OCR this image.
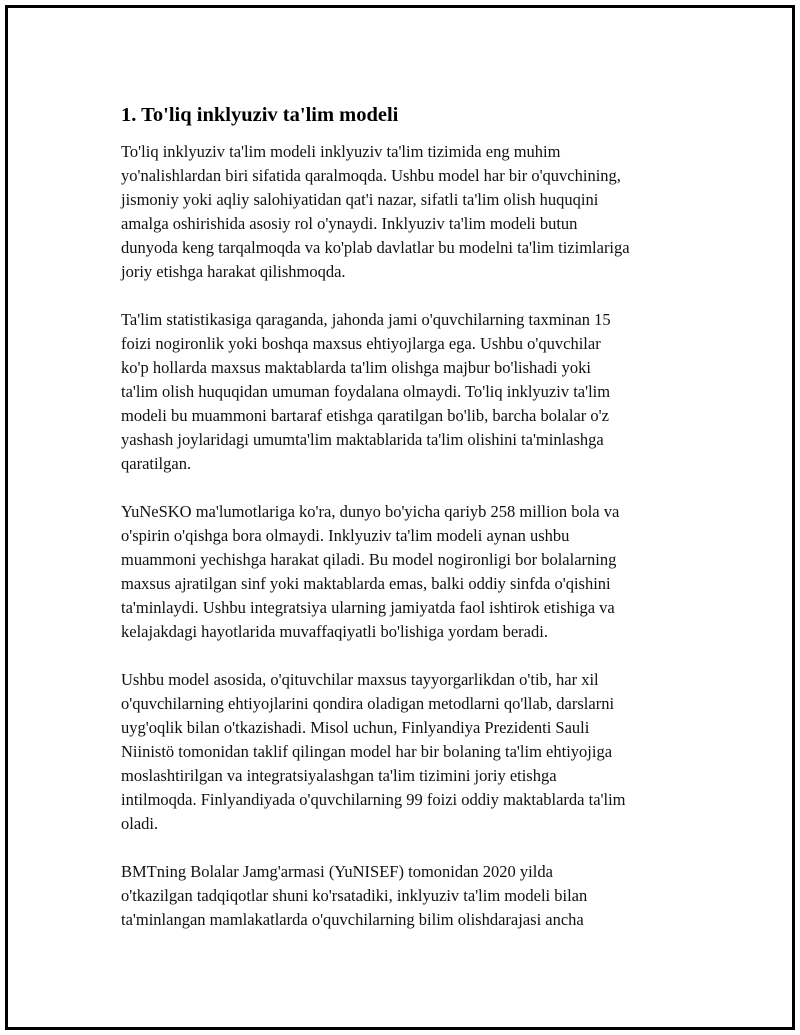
1. To'liq inklyuziv ta'lim modeli

To'liq inklyuziv ta'lim modeli inklyuziv ta'lim tizimida eng muhim
yo'nalishlardan biri sifatida qaralmoqda. Ushbu model har bir o'quvchining,
jismoniy yoki aqliy salohiyatidan qat'i nazar, sifatli ta'lim olish huquqini
amalga oshirishida asosiy rol o'ynaydi. Inklyuziv ta'lim modeli butun
dunyoda keng tarqalmoqda va ko'plab davlatlar bu modelni ta'lim tizimlariga
joriy etishga harakat qilishmoqda.

Ta'lim statistikasiga qaraganda, jahonda jami o'quvchilarning taxminan 15
foizi nogironlik yoki boshqa maxsus ehtiyojlarga ega. Ushbu o'quvchilar
ko'p hollarda maxsus maktablarda ta'lim olishga majbur bo'lishadi yoki
ta'lim olish huquqidan umuman foydalana olmaydi. To'liq inklyuziv ta'lim
modeli bu muammoni bartaraf etishga qaratilgan bo'lib, barcha bolalar o'z
yashash joylaridagi umumta'lim maktablarida ta'lim olishini ta'minlashga
qaratilgan.

YuNeSKO ma'lumotlariga ko'ra, dunyo bo'yicha qariyb 258 million bola va
o'spirin o'qishga bora olmaydi. Inklyuziv ta'lim modeli aynan ushbu
muammoni yechishga harakat qiladi. Bu model nogironligi bor bolalarning
maxsus ajratilgan sinf yoki maktablarda emas, balki oddiy sinfda o'qishini
ta'minlaydi. Ushbu integratsiya ularning jamiyatda faol ishtirok etishiga va
kelajakdagi hayotlarida muvaffaqiyatli bo'lishiga yordam beradi.

Ushbu model asosida, o'qituvchilar maxsus tayyorgarlikdan o'tib, har xil
o'quvchilarning ehtiyojlarini qondira oladigan metodlarni qo'llab, darslarni
uyg'oqlik bilan o'tkazishadi. Misol uchun, Finlyandiya Prezidenti Sauli
Niinistö tomonidan taklif qilingan model har bir bolaning ta'lim ehtiyojiga
moslashtirilgan va integratsiyalashgan ta'lim tizimini joriy etishga
intilmoqda. Finlyandiyada o'quvchilarning 99 foizi oddiy maktablarda ta'lim
oladi.

BMTning Bolalar Jamg'armasi (YuNISEF) tomonidan 2020 yilda
o'tkazilgan tadqiqotlar shuni ko'rsatadiki, inklyuziv ta'lim modeli bilan
ta'minlangan mamlakatlarda o'quvchilarning bilim olishdarajasi ancha
